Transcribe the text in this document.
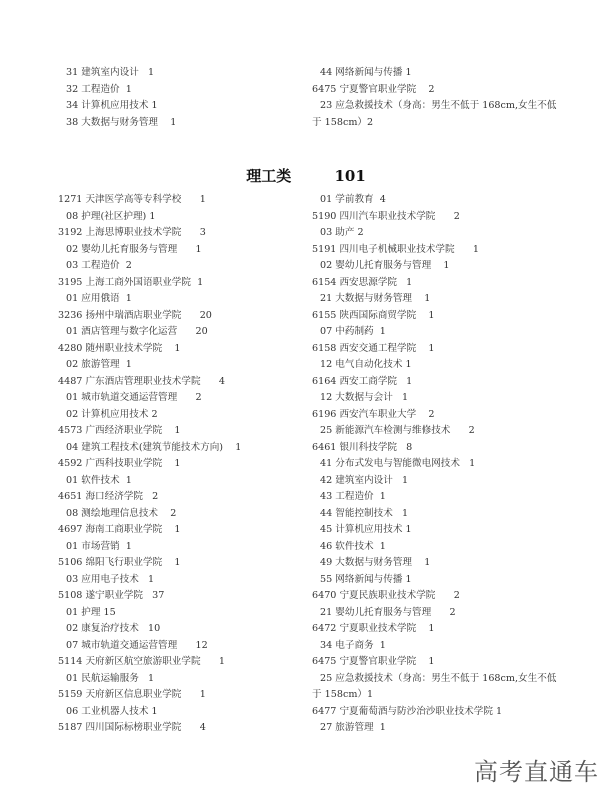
31 建筑室内设计   1
32 工程造价  1
34 计算机应用技术 1
38 大数据与财务管理    1
44 网络新闻与传播 1
6475 宁夏警官职业学院    2
23 应急救援技术（身高：男生不低于 168cm,女生不低
于 158cm）2
理工类	101
1271 天津医学高等专科学校      1
08 护理(社区护理) 1
3192 上海思博职业技术学院      3
02 婴幼儿托育服务与管理      1
03 工程造价  2
3195 上海工商外国语职业学院  1
01 应用俄语  1
3236 扬州中瑞酒店职业学院      20
01 酒店管理与数字化运营      20
4280 随州职业技术学院    1
02 旅游管理  1
4487 广东酒店管理职业技术学院      4
01 城市轨道交通运营管理      2
02 计算机应用技术 2
4573 广西经济职业学院    1
04 建筑工程技术(建筑节能技术方向)    1
4592 广西科技职业学院    1
01 软件技术  1
4651 海口经济学院   2
08 测绘地理信息技术    2
4697 海南工商职业学院    1
01 市场营销  1
5106 绵阳飞行职业学院    1
03 应用电子技术   1
5108 遂宁职业学院   37
01 护理 15
02 康复治疗技术   10
07 城市轨道交通运营管理      12
5114 天府新区航空旅游职业学院      1
01 民航运输服务   1
5159 天府新区信息职业学院      1
06 工业机器人技术 1
5187 四川国际标榜职业学院      4
01 学前教育  4
5190 四川汽车职业技术学院      2
03 助产 2
5191 四川电子机械职业技术学院      1
02 婴幼儿托育服务与管理    1
6154 西安思源学院   1
21 大数据与财务管理    1
6155 陕西国际商贸学院    1
07 中药制药  1
6158 西安交通工程学院    1
12 电气自动化技术 1
6164 西安工商学院   1
12 大数据与会计   1
6196 西安汽车职业大学    2
25 新能源汽车检测与维修技术      2
6461 银川科技学院   8
41 分布式发电与智能微电网技术   1
42 建筑室内设计   1
43 工程造价  1
44 智能控制技术   1
45 计算机应用技术 1
46 软件技术  1
49 大数据与财务管理    1
55 网络新闻与传播 1
6470 宁夏民族职业技术学院      2
21 婴幼儿托育服务与管理      2
6472 宁夏职业技术学院    1
34 电子商务  1
6475 宁夏警官职业学院    1
25 应急救援技术（身高：男生不低于 168cm,女生不低
于 158cm）1
6477 宁夏葡萄酒与防沙治沙职业技术学院 1
27 旅游管理  1
高考直通车
